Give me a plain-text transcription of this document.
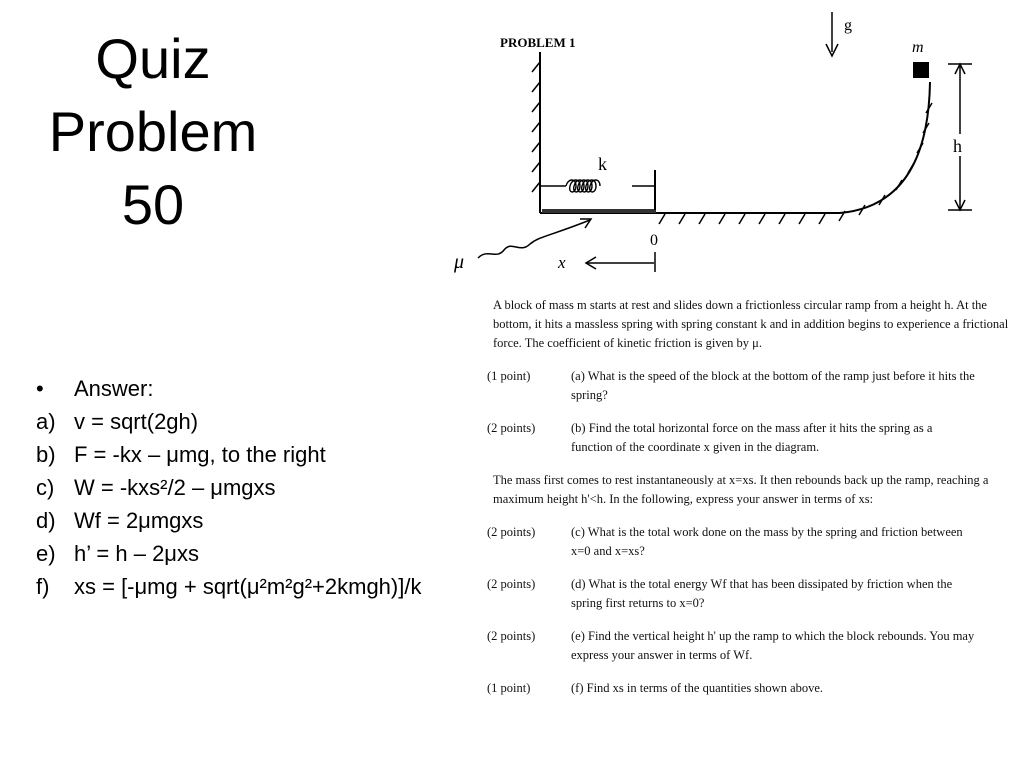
Quiz
Problem
50
•	Answer:
a) v = sqrt(2gh)
b) F = -kx – μmg, to the right
c) W = -kxs²/2 – μmgxs
d) Wf = 2μmgxs
e) h’ = h – 2μxs
f)	xs = [-μmg + sqrt(μ²m²g²+2kmgh)]/k
PROBLEM 1	m
g
h
k
0
x
μ
A block of mass m starts at rest and slides down a frictionless circular ramp from a height h. At the bottom, it hits a massless spring with spring constant k and in addition begins to experience a frictional force. The coefficient of kinetic friction is given by μ.
(1 point)	(a) What is the speed of the block at the bottom of the ramp just before it hits the spring?
(2 points)	(b) Find the total horizontal force on the mass after it hits the spring as a function of the coordinate x given in the diagram.
The mass first comes to rest instantaneously at x=xs. It then rebounds back up the ramp, reaching a maximum height h'<h. In the following, express your answer in terms of xs:
(2 points)	(c) What is the total work done on the mass by the spring and friction between x=0 and x=xs?
(2 points)	(d) What is the total energy Wf that has been dissipated by friction when the spring first returns to x=0?
(2 points)	(e) Find the vertical height h' up the ramp to which the block rebounds. You may express your answer in terms of Wf.
(1 point)	(f) Find xs in terms of the quantities shown above.
